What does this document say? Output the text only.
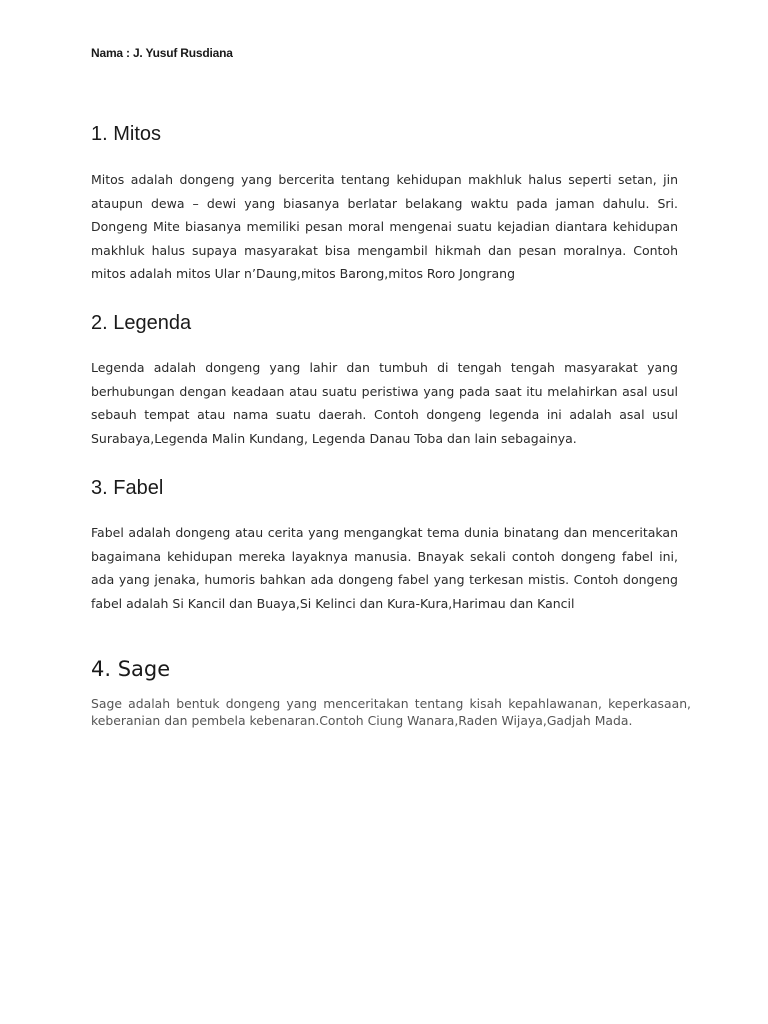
Nama : J. Yusuf Rusdiana
1. Mitos

Mitos adalah dongeng yang bercerita tentang kehidupan makhluk halus seperti setan, jin ataupun dewa – dewi yang biasanya berlatar belakang waktu pada jaman dahulu. Sri. Dongeng Mite biasanya memiliki pesan moral mengenai suatu kejadian diantara kehidupan makhluk halus supaya masyarakat bisa mengambil hikmah dan pesan moralnya. Contoh mitos adalah mitos Ular n’Daung,mitos Barong,mitos Roro Jongrang

2. Legenda

Legenda adalah dongeng yang lahir dan tumbuh di tengah tengah masyarakat yang berhubungan dengan keadaan atau suatu peristiwa yang pada saat itu melahirkan asal usul sebauh tempat atau nama suatu daerah. Contoh dongeng legenda ini adalah asal usul Surabaya,Legenda Malin Kundang, Legenda Danau Toba dan lain sebagainya.

3. Fabel

Fabel adalah dongeng atau cerita yang mengangkat tema dunia binatang dan menceritakan bagaimana kehidupan mereka layaknya manusia. Bnayak sekali contoh dongeng fabel ini, ada yang jenaka, humoris bahkan ada dongeng fabel yang terkesan mistis. Contoh dongeng fabel adalah Si Kancil dan Buaya,Si Kelinci dan Kura-Kura,Harimau dan Kancil

4. Sage

Sage adalah bentuk dongeng yang menceritakan tentang kisah kepahlawanan, keperkasaan, keberanian dan pembela kebenaran.Contoh Ciung Wanara,Raden Wijaya,Gadjah Mada.
